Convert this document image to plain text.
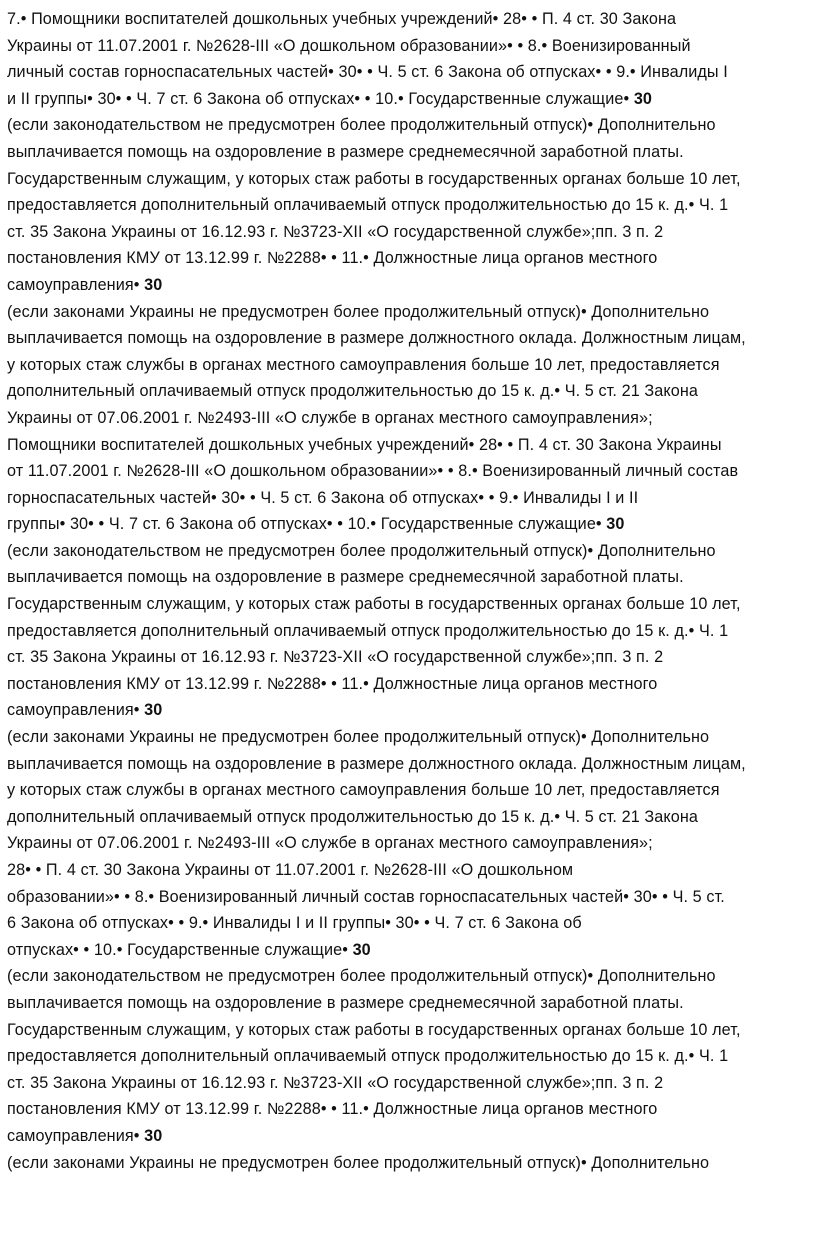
7.• Помощники воспитателей дошкольных учебных учреждений• 28• • П. 4 ст. 30 Закона
Украины от 11.07.2001 г. №2628-III «О дошкольном образовании»• • 8.• Военизированный
личный состав горноспасательных частей• 30• • Ч. 5 ст. 6 Закона об отпусках• • 9.• Инвалиды I
и II группы• 30• • Ч. 7 ст. 6 Закона об отпусках• • 10.• Государственные служащие• 30
(если законодательством не предусмотрен более продолжительный отпуск)• Дополнительно
выплачивается помощь на оздоровление в размере среднемесячной заработной платы.
Государственным служащим, у которых стаж работы в государственных органах больше 10 лет,
предоставляется дополнительный оплачиваемый отпуск продолжительностью до 15 к. д.• Ч. 1
ст. 35 Закона Украины от 16.12.93 г. №3723-XII «О государственной службе»;пп. 3 п. 2
постановления КМУ от 13.12.99 г. №2288• • 11.• Должностные лица органов местного
самоуправления• 30
(если законами Украины не предусмотрен более продолжительный отпуск)• Дополнительно
выплачивается помощь на оздоровление в размере должностного оклада. Должностным лицам,
у которых стаж службы в органах местного самоуправления больше 10 лет, предоставляется
дополнительный оплачиваемый отпуск продолжительностью до 15 к. д.• Ч. 5 ст. 21 Закона
Украины от 07.06.2001 г. №2493-III «О службе в органах местного самоуправления»;
Помощники воспитателей дошкольных учебных учреждений• 28• • П. 4 ст. 30 Закона Украины
от 11.07.2001 г. №2628-III «О дошкольном образовании»• • 8.• Военизированный личный состав
горноспасательных частей• 30• • Ч. 5 ст. 6 Закона об отпусках• • 9.• Инвалиды I и II
группы• 30• • Ч. 7 ст. 6 Закона об отпусках• • 10.• Государственные служащие• 30
(если законодательством не предусмотрен более продолжительный отпуск)• Дополнительно
выплачивается помощь на оздоровление в размере среднемесячной заработной платы.
Государственным служащим, у которых стаж работы в государственных органах больше 10 лет,
предоставляется дополнительный оплачиваемый отпуск продолжительностью до 15 к. д.• Ч. 1
ст. 35 Закона Украины от 16.12.93 г. №3723-XII «О государственной службе»;пп. 3 п. 2
постановления КМУ от 13.12.99 г. №2288• • 11.• Должностные лица органов местного
самоуправления• 30
(если законами Украины не предусмотрен более продолжительный отпуск)• Дополнительно
выплачивается помощь на оздоровление в размере должностного оклада. Должностным лицам,
у которых стаж службы в органах местного самоуправления больше 10 лет, предоставляется
дополнительный оплачиваемый отпуск продолжительностью до 15 к. д.• Ч. 5 ст. 21 Закона
Украины от 07.06.2001 г. №2493-III «О службе в органах местного самоуправления»;
28• • П. 4 ст. 30 Закона Украины от 11.07.2001 г. №2628-III «О дошкольном
образовании»• • 8.• Военизированный личный состав горноспасательных частей• 30• • Ч. 5 ст.
6 Закона об отпусках• • 9.• Инвалиды I и II группы• 30• • Ч. 7 ст. 6 Закона об
отпусках• • 10.• Государственные служащие• 30
(если законодательством не предусмотрен более продолжительный отпуск)• Дополнительно
выплачивается помощь на оздоровление в размере среднемесячной заработной платы.
Государственным служащим, у которых стаж работы в государственных органах больше 10 лет,
предоставляется дополнительный оплачиваемый отпуск продолжительностью до 15 к. д.• Ч. 1
ст. 35 Закона Украины от 16.12.93 г. №3723-XII «О государственной службе»;пп. 3 п. 2
постановления КМУ от 13.12.99 г. №2288• • 11.• Должностные лица органов местного
самоуправления• 30
(если законами Украины не предусмотрен более продолжительный отпуск)• Дополнительно
